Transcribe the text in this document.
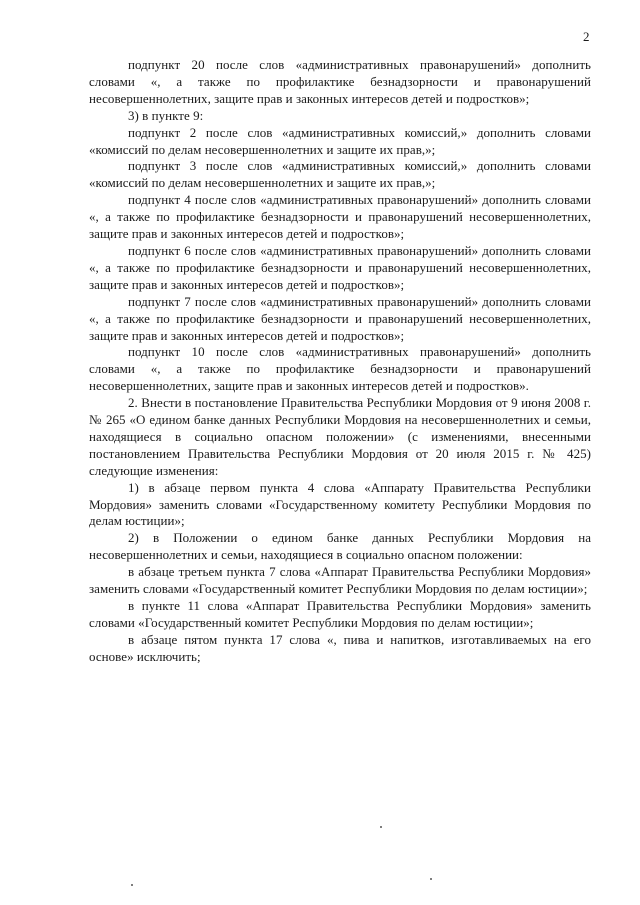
2

подпункт 20 после слов «административных правонарушений» дополнить словами «, а также по профилактике безнадзорности и правонарушений несовершеннолетних, защите прав и законных интересов детей и подростков»;

3) в пункте 9:

подпункт 2 после слов «административных комиссий,» дополнить словами «комиссий по делам несовершеннолетних и защите их прав,»;

подпункт 3 после слов «административных комиссий,» дополнить словами «комиссий по делам несовершеннолетних и защите их прав,»;

подпункт 4 после слов «административных правонарушений» дополнить словами «, а также по профилактике безнадзорности и правонарушений несовершеннолетних, защите прав и законных интересов детей и подростков»;

подпункт 6 после слов «административных правонарушений» дополнить словами «, а также по профилактике безнадзорности и правонарушений несовершеннолетних, защите прав и законных интересов детей и подростков»;

подпункт 7 после слов «административных правонарушений» дополнить словами «, а также по профилактике безнадзорности и правонарушений несовершеннолетних, защите прав и законных интересов детей и подростков»;

подпункт 10 после слов «административных правонарушений» дополнить словами «, а также по профилактике безнадзорности и правонарушений несовершеннолетних, защите прав и законных интересов детей и подростков».

2. Внести в постановление Правительства Республики Мордовия от 9 июня 2008 г. № 265 «О едином банке данных Республики Мордовия на несовершеннолетних и семьи, находящиеся в социально опасном положении» (с изменениями, внесенными постановлением Правительства Республики Мордовия от 20 июля 2015 г. № 425) следующие изменения:

1) в абзаце первом пункта 4 слова «Аппарату Правительства Республики Мордовия» заменить словами «Государственному комитету Республики Мордовия по делам юстиции»;

2) в Положении о едином банке данных Республики Мордовия на несовершеннолетних и семьи, находящиеся в социально опасном положении:

в абзаце третьем пункта 7 слова «Аппарат Правительства Республики Мордовия» заменить словами «Государственный комитет Республики Мордовия по делам юстиции»;

в пункте 11 слова «Аппарат Правительства Республики Мордовия» заменить словами «Государственный комитет Республики Мордовия по делам юстиции»;

в абзаце пятом пункта 17 слова «, пива и напитков, изготавливаемых на его основе» исключить;
